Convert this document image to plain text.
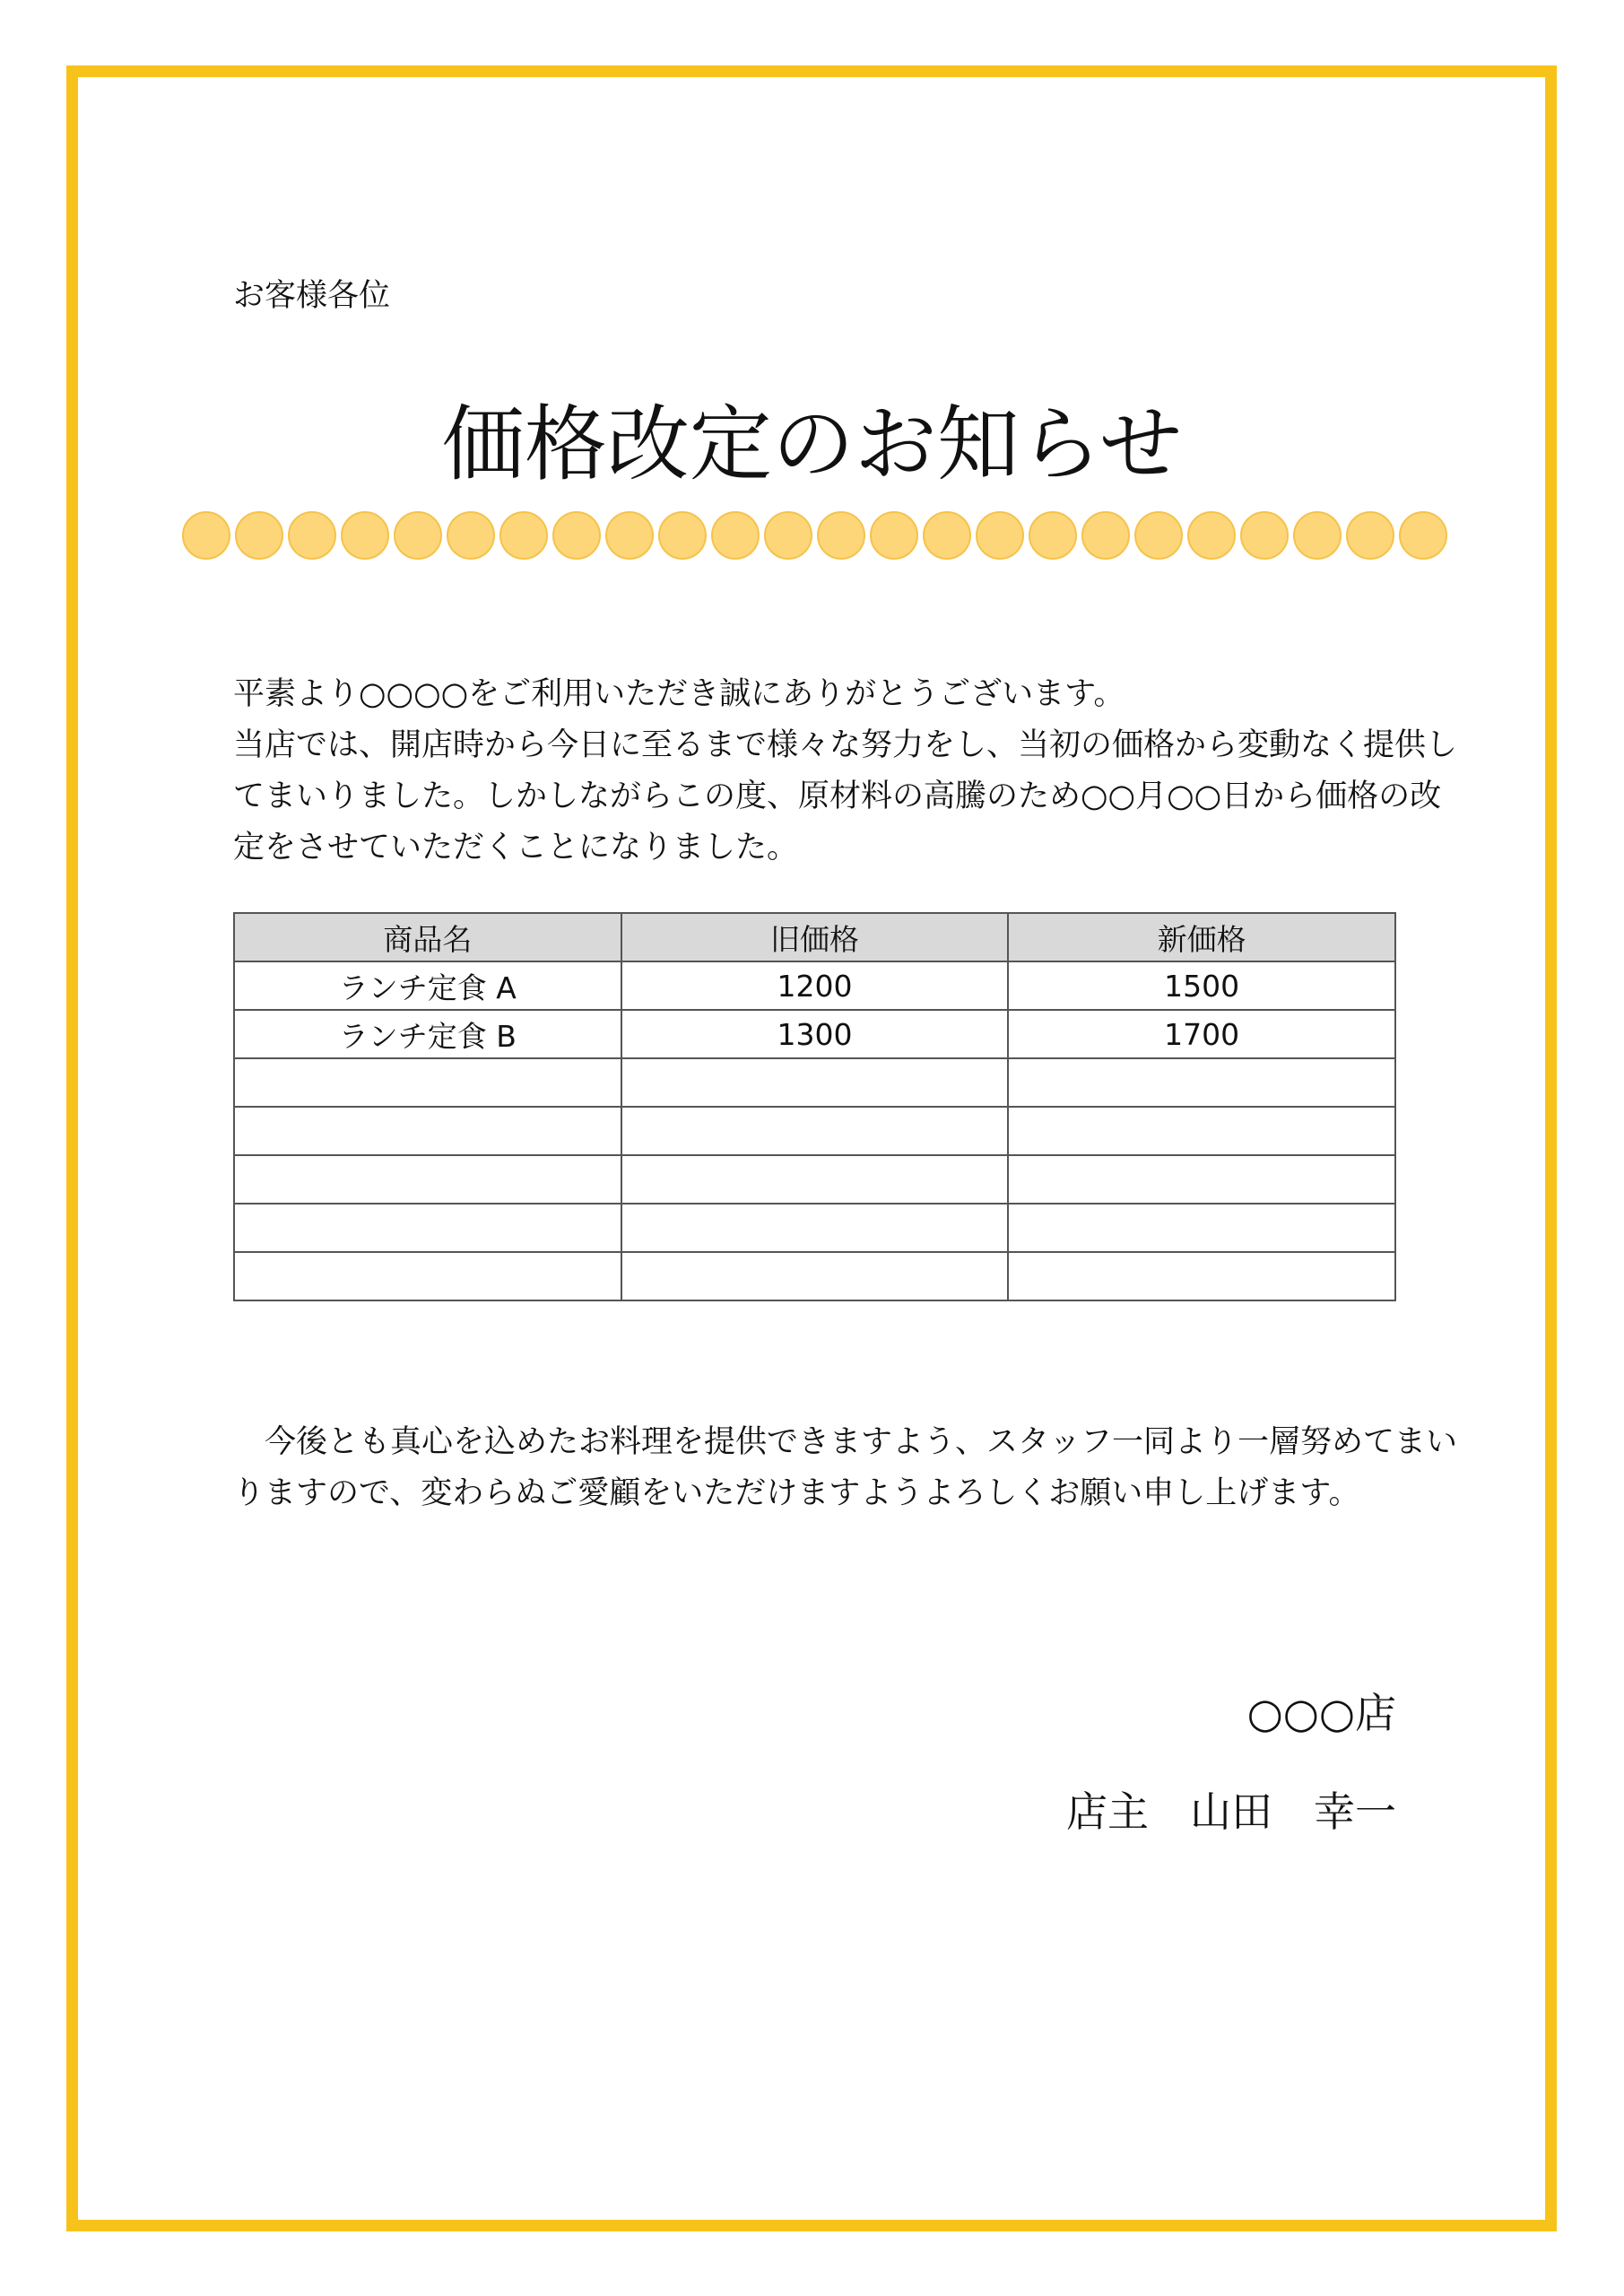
お客様各位
価格改定のお知らせ
平素より○○○○をご利用いただき誠にありがとうございます。
当店では、開店時から今日に至るまで様々な努力をし、当初の価格から変動なく提供し
てまいりました。しかしながらこの度、原材料の高騰のため○○月○○日から価格の改
定をさせていただくことになりました。
商品名	旧価格	新価格
ランチ定食 A	1200	1500
ランチ定食 B	1300	1700

　今後とも真心を込めたお料理を提供できますよう、スタッフ一同より一層努めてまい
りますので、変わらぬご愛顧をいただけますようよろしくお願い申し上げます。
○○○店
店主　山田　幸一
